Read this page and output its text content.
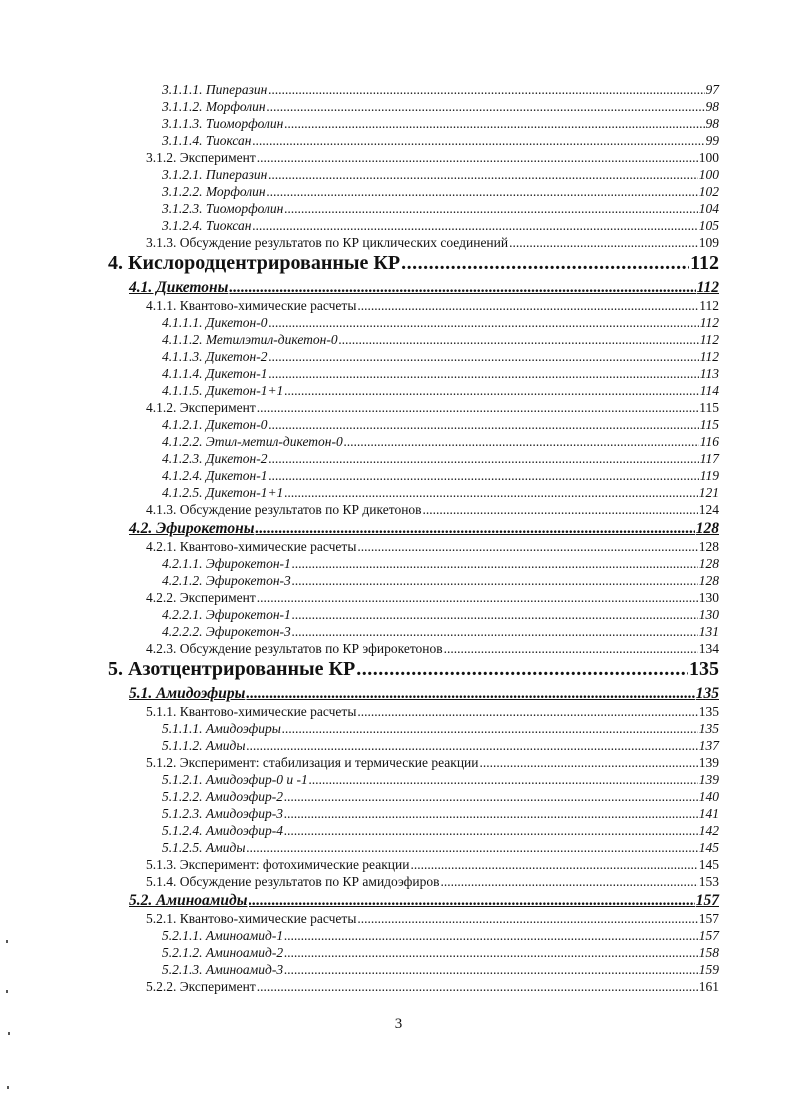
3.1.1.1. Пиперазин .....	97
3.1.1.2. Морфолин .....	98
3.1.1.3. Тиоморфолин .....	98
3.1.1.4. Тиоксан .....	99
3.1.2. Эксперимент .....	100
3.1.2.1. Пиперазин .....	100
3.1.2.2. Морфолин .....	102
3.1.2.3. Тиоморфолин .....	104
3.1.2.4. Тиоксан .....	105
3.1.3. Обсуждение результатов по КР циклических соединений .....	109
4. Кислородцентрированные КР .....	112
4.1. Дикетоны .....	112
4.1.1. Квантово-химические расчеты .....	112
4.1.1.1. Дикетон-0 .....	112
4.1.1.2. Метилэтил-дикетон-0 .....	112
4.1.1.3. Дикетон-2 .....	112
4.1.1.4. Дикетон-1 .....	113
4.1.1.5. Дикетон-1+1 .....	114
4.1.2. Эксперимент .....	115
4.1.2.1. Дикетон-0 .....	115
4.1.2.2. Этил-метил-дикетон-0 .....	116
4.1.2.3. Дикетон-2 .....	117
4.1.2.4. Дикетон-1 .....	119
4.1.2.5. Дикетон-1+1 .....	121
4.1.3. Обсуждение результатов по КР дикетонов .....	124
4.2. Эфирокетоны .....	128
4.2.1. Квантово-химические расчеты .....	128
4.2.1.1. Эфирокетон-1 .....	128
4.2.1.2. Эфирокетон-3 .....	128
4.2.2. Эксперимент .....	130
4.2.2.1. Эфирокетон-1 .....	130
4.2.2.2. Эфирокетон-3 .....	131
4.2.3. Обсуждение результатов по КР эфирокетонов .....	134
5. Азотцентрированные КР .....	135
5.1. Амидоэфиры .....	135
5.1.1. Квантово-химические расчеты .....	135
5.1.1.1. Амидоэфиры .....	135
5.1.1.2. Амиды .....	137
5.1.2. Эксперимент: стабилизация и термические реакции .....	139
5.1.2.1. Амидоэфир-0 и -1 .....	139
5.1.2.2. Амидоэфир-2 .....	140
5.1.2.3. Амидоэфир-3 .....	141
5.1.2.4. Амидоэфир-4 .....	142
5.1.2.5. Амиды .....	145
5.1.3. Эксперимент: фотохимические реакции .....	145
5.1.4. Обсуждение результатов по КР амидоэфиров .....	153
5.2. Аминоамиды .....	157
5.2.1. Квантово-химические расчеты .....	157
5.2.1.1. Аминоамид-1 .....	157
5.2.1.2. Аминоамид-2 .....	158
5.2.1.3. Аминоамид-3 .....	159
5.2.2. Эксперимент .....	161
3
